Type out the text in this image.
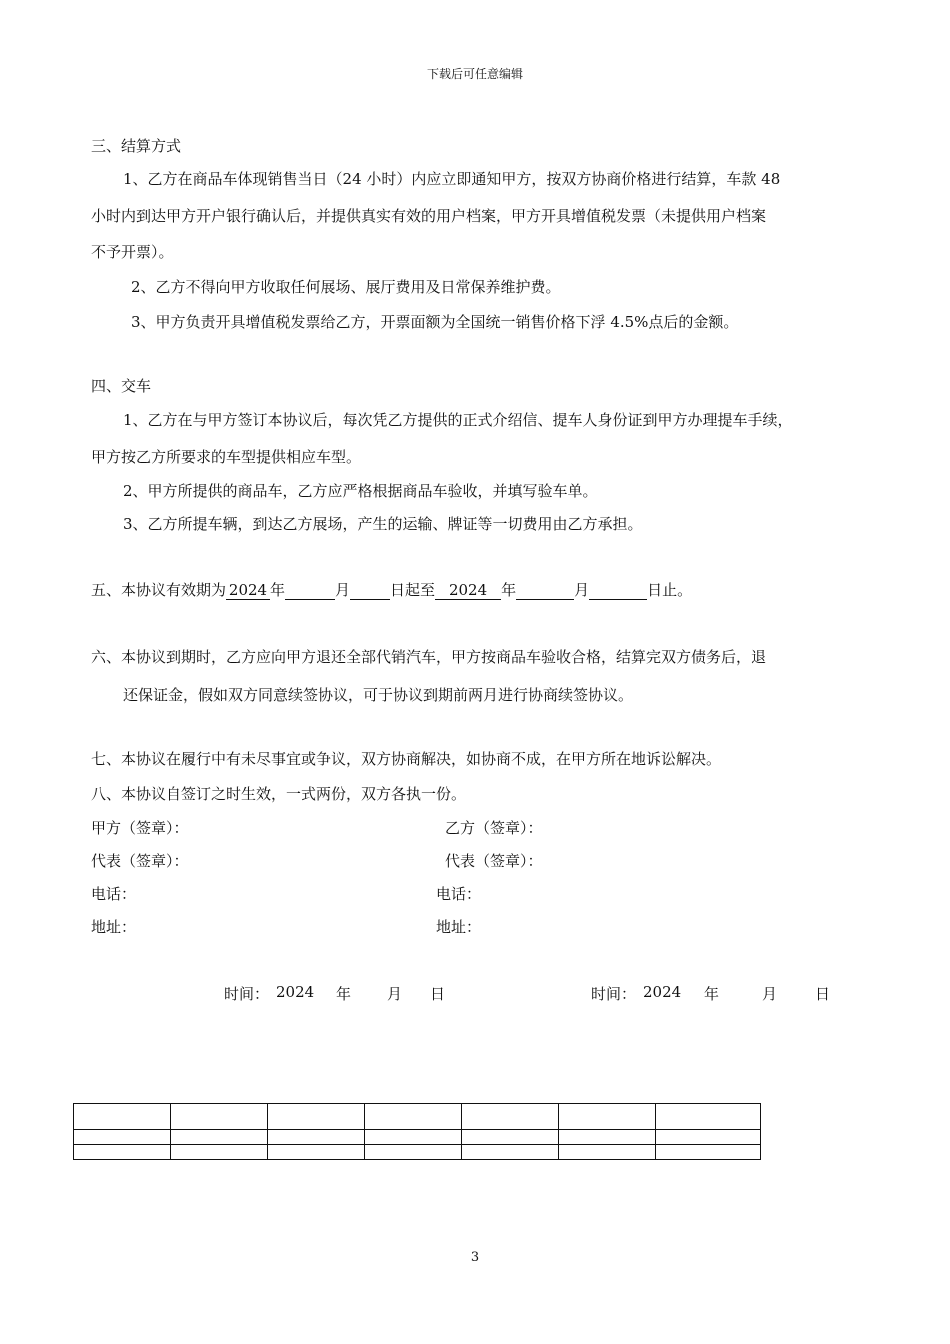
下载后可任意编辑
三、结算方式
1、乙方在商品车体现销售当日（24 小时）内应立即通知甲方，按双方协商价格进行结算，车款 48
小时内到达甲方开户银行确认后，并提供真实有效的用户档案，甲方开具增值税发票（未提供用户档案
不予开票）。
2、乙方不得向甲方收取任何展场、展厅费用及日常保养维护费。
3、甲方负责开具增值税发票给乙方，开票面额为全国统一销售价格下浮 4.5%点后的金额。
四、交车
1、乙方在与甲方签订本协议后，每次凭乙方提供的正式介绍信、提车人身份证到甲方办理提车手续，
甲方按乙方所要求的车型提供相应车型。
2、甲方所提供的商品车，乙方应严格根据商品车验收，并填写验车单。
3、乙方所提车辆，到达乙方展场，产生的运输、牌证等一切费用由乙方承担。
五、本协议有效期为 2024 年	月	日起至 2024 年	月	日止。
六、本协议到期时，乙方应向甲方退还全部代销汽车，甲方按商品车验收合格，结算完双方债务后，退
还保证金，假如双方同意续签协议，可于协议到期前两月进行协商续签协议。
七、本协议在履行中有未尽事宜或争议，双方协商解决，如协商不成，在甲方所在地诉讼解决。
八、本协议自签订之时生效，一式两份，双方各执一份。
甲方（签章）：	乙方（签章）：
代表（签章）：	代表（签章）：
电话：	电话：
地址：	地址：
时间： 2024 年 月 日	时间： 2024 年	月	日

3
